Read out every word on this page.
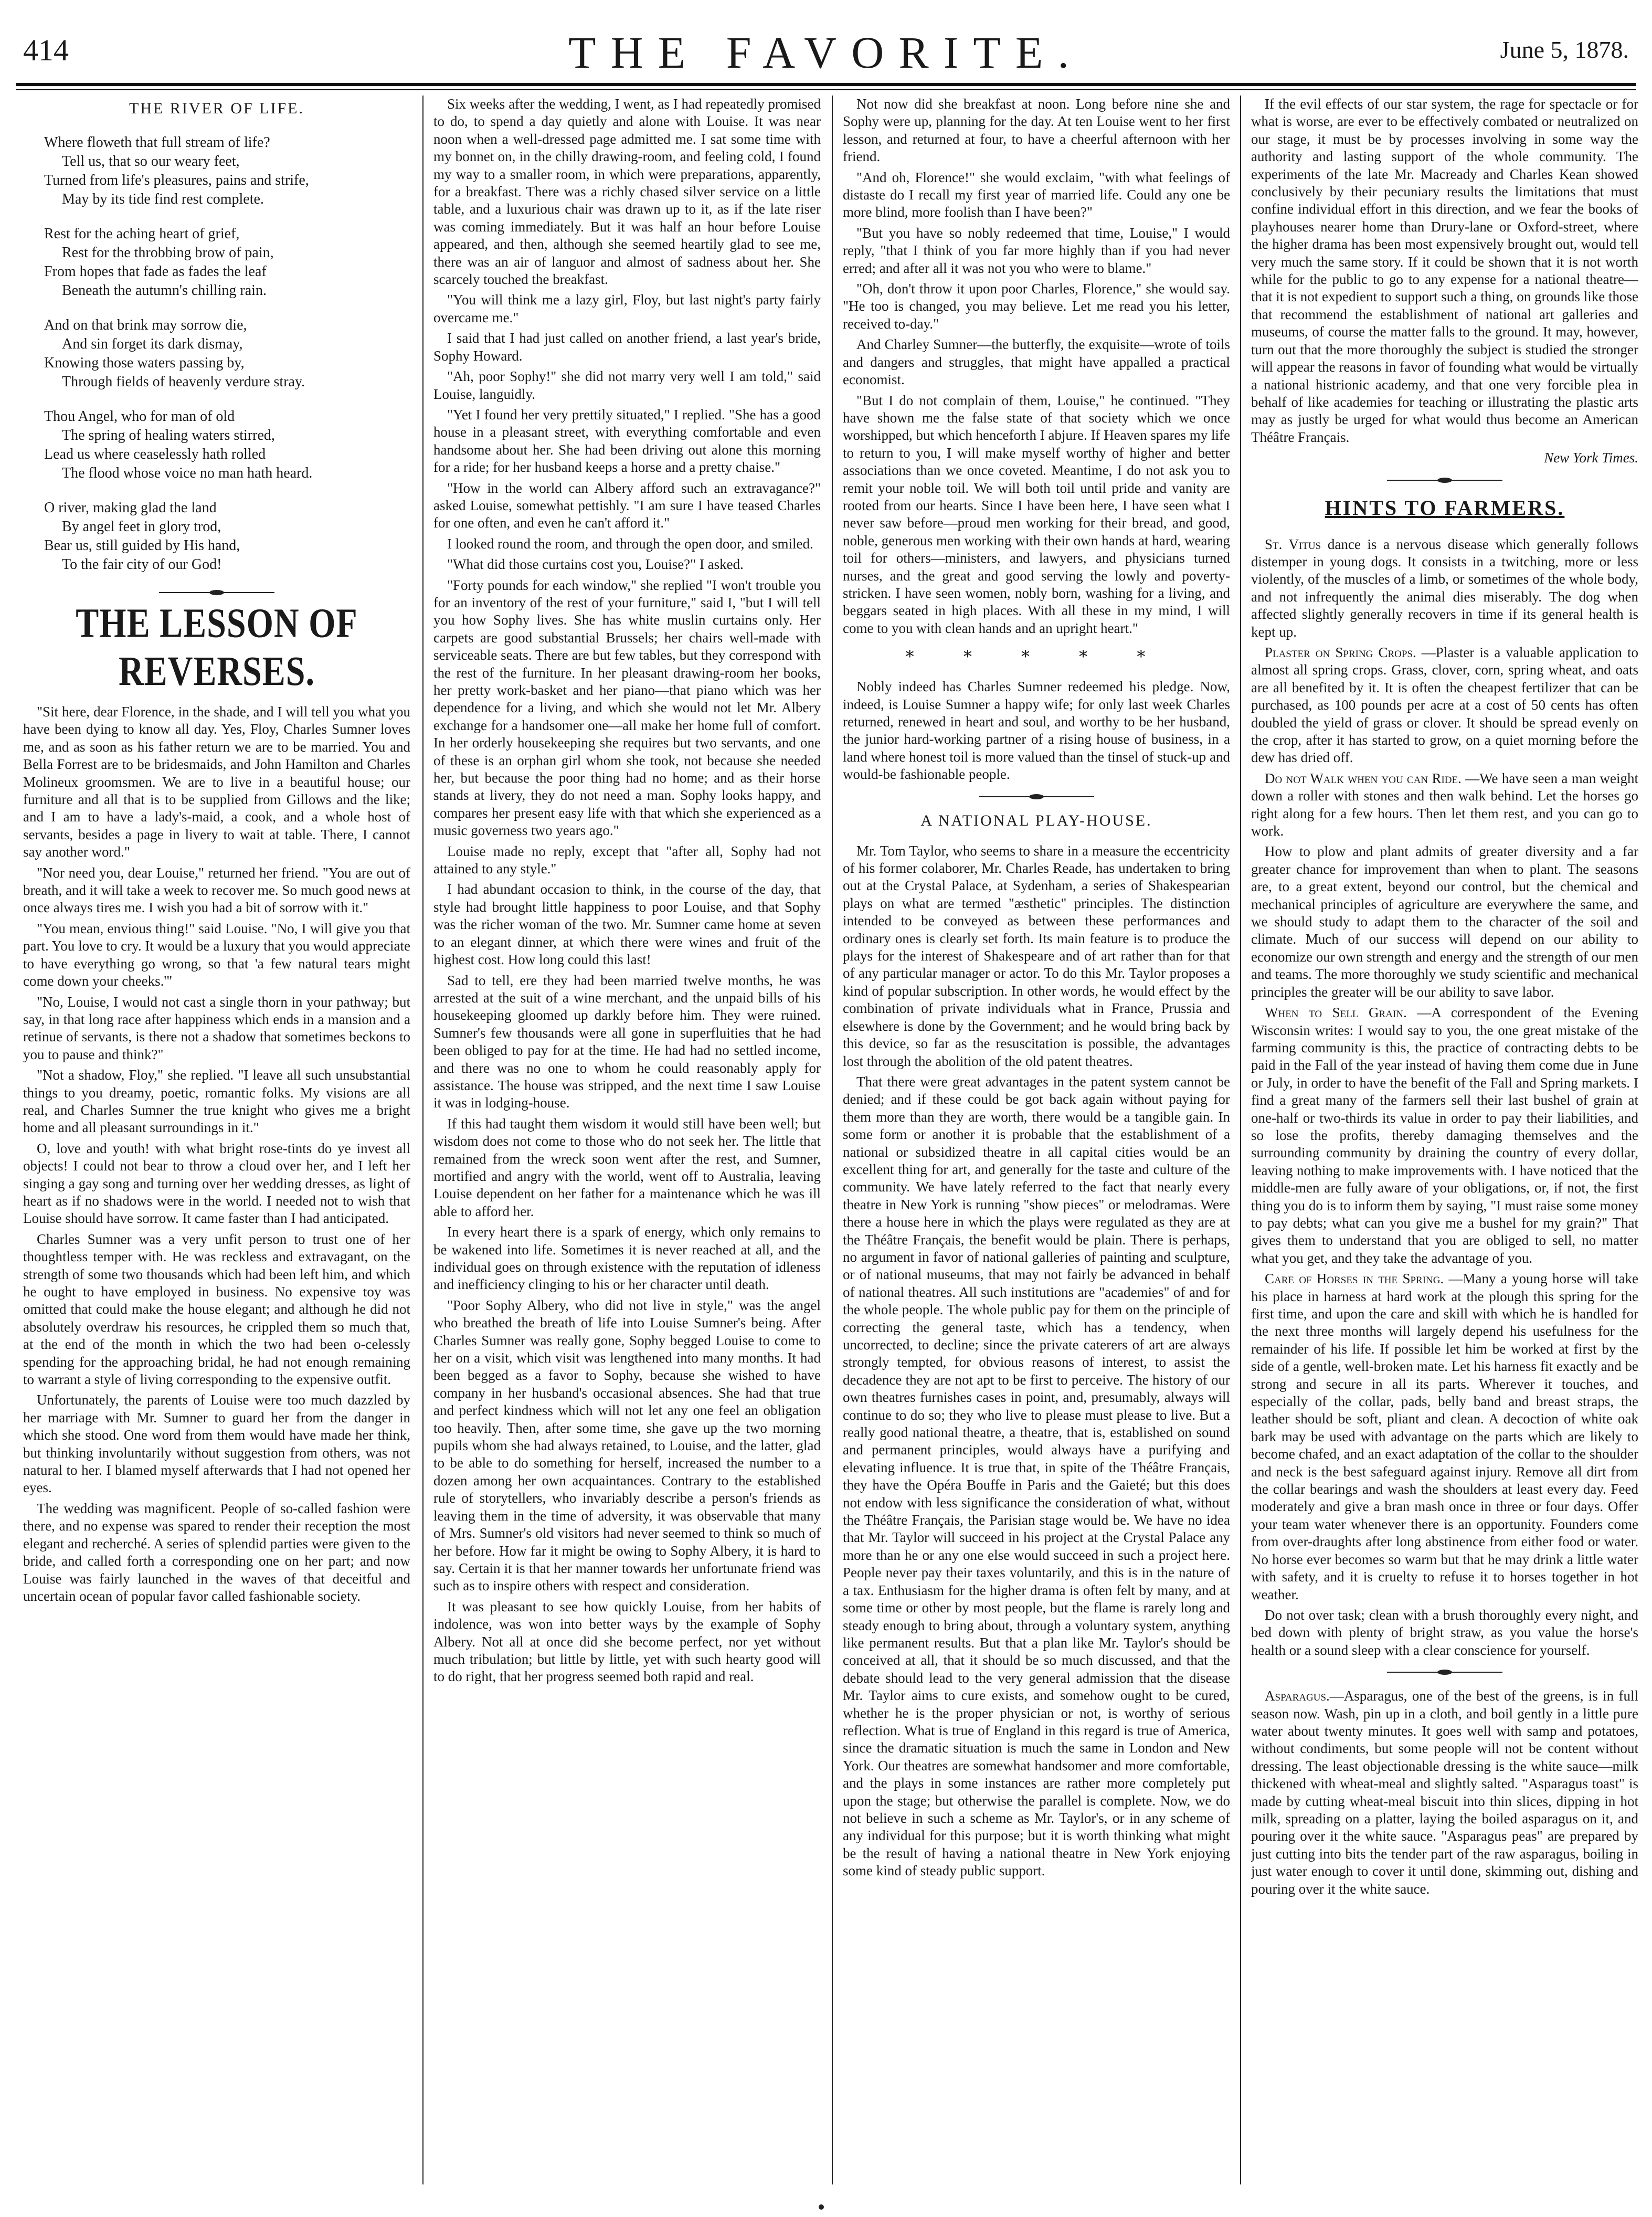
414	THE FAVORITE.	June 5, 1878.
THE RIVER OF LIFE.
Where floweth that full stream of life?
Tell us, that so our weary feet,
Turned from life's pleasures, pains and strife,
May by its tide find rest complete.
Rest for the aching heart of grief,
Rest for the throbbing brow of pain,
From hopes that fade as fades the leaf
Beneath the autumn's chilling rain.
And on that brink may sorrow die,
And sin forget its dark dismay,
Knowing those waters passing by,
Through fields of heavenly verdure stray.
Thou Angel, who for man of old
The spring of healing waters stirred,
Lead us where ceaselessly hath rolled
The flood whose voice no man hath heard.
O river, making glad the land
By angel feet in glory trod,
Bear us, still guided by His hand,
To the fair city of our God!
THE LESSON OF REVERSES.

"Sit here, dear Florence, in the shade, and I will tell you what you have been dying to know all day. Yes, Floy, Charles Sumner loves me, and as soon as his father return we are to be married. You and Bella Forrest are to be bridesmaids, and John Hamilton and Charles Molineux groomsmen. We are to live in a beautiful house; our furniture and all that is to be supplied from Gillows and the like; and I am to have a lady's-maid, a cook, and a whole host of servants, besides a page in livery to wait at table. There, I cannot say another word."

"Nor need you, dear Louise," returned her friend. "You are out of breath, and it will take a week to recover me. So much good news at once always tires me. I wish you had a bit of sorrow with it."

"You mean, envious thing!" said Louise. "No, I will give you that part. You love to cry. It would be a luxury that you would appreciate to have everything go wrong, so that 'a few natural tears might come down your cheeks.'"

"No, Louise, I would not cast a single thorn in your pathway; but say, in that long race after happiness which ends in a mansion and a retinue of servants, is there not a shadow that sometimes beckons to you to pause and think?"

"Not a shadow, Floy," she replied. "I leave all such unsubstantial things to you dreamy, poetic, romantic folks. My visions are all real, and Charles Sumner the true knight who gives me a bright home and all pleasant surroundings in it."

O, love and youth! with what bright rose-tints do ye invest all objects! I could not bear to throw a cloud over her, and I left her singing a gay song and turning over her wedding dresses, as light of heart as if no shadows were in the world. I needed not to wish that Louise should have sorrow. It came faster than I had anticipated.

Charles Sumner was a very unfit person to trust one of her thoughtless temper with. He was reckless and extravagant, on the strength of some two thousands which had been left him, and which he ought to have employed in business. No expensive toy was omitted that could make the house elegant; and although he did not absolutely overdraw his resources, he crippled them so much that, at the end of the month in which the two had been o-celessly spending for the approaching bridal, he had not enough remaining to warrant a style of living corresponding to the expensive outfit.

Unfortunately, the parents of Louise were too much dazzled by her marriage with Mr. Sumner to guard her from the danger in which she stood. One word from them would have made her think, but thinking involuntarily without suggestion from others, was not natural to her. I blamed myself afterwards that I had not opened her eyes.

The wedding was magnificent. People of so-called fashion were there, and no expense was spared to render their reception the most elegant and recherché. A series of splendid parties were given to the bride, and called forth a corresponding one on her part; and now Louise was fairly launched in the waves of that deceitful and uncertain ocean of popular favor called fashionable society.

Six weeks after the wedding, I went, as I had repeatedly promised to do, to spend a day quietly and alone with Louise. It was near noon when a well-dressed page admitted me. I sat some time with my bonnet on, in the chilly drawing-room, and feeling cold, I found my way to a smaller room, in which were preparations, apparently, for a breakfast. There was a richly chased silver service on a little table, and a luxurious chair was drawn up to it, as if the late riser was coming immediately. But it was half an hour before Louise appeared, and then, although she seemed heartily glad to see me, there was an air of languor and almost of sadness about her. She scarcely touched the breakfast.

"You will think me a lazy girl, Floy, but last night's party fairly overcame me."

I said that I had just called on another friend, a last year's bride, Sophy Howard.

"Ah, poor Sophy!" she did not marry very well I am told," said Louise, languidly.

"Yet I found her very prettily situated," I replied. "She has a good house in a pleasant street, with everything comfortable and even handsome about her. She had been driving out alone this morning for a ride; for her husband keeps a horse and a pretty chaise."

"How in the world can Albery afford such an extravagance?" asked Louise, somewhat pettishly. "I am sure I have teased Charles for one often, and even he can't afford it."

I looked round the room, and through the open door, and smiled.

"What did those curtains cost you, Louise?" I asked.

"Forty pounds for each window," she replied "I won't trouble you for an inventory of the rest of your furniture," said I, "but I will tell you how Sophy lives. She has white muslin curtains only. Her carpets are good substantial Brussels; her chairs well-made with serviceable seats. There are but few tables, but they correspond with the rest of the furniture. In her pleasant drawing-room her books, her pretty work-basket and her piano—that piano which was her dependence for a living, and which she would not let Mr. Albery exchange for a handsomer one—all make her home full of comfort. In her orderly housekeeping she requires but two servants, and one of these is an orphan girl whom she took, not because she needed her, but because the poor thing had no home; and as their horse stands at livery, they do not need a man. Sophy looks happy, and compares her present easy life with that which she experienced as a music governess two years ago."

Louise made no reply, except that "after all, Sophy had not attained to any style."

I had abundant occasion to think, in the course of the day, that style had brought little happiness to poor Louise, and that Sophy was the richer woman of the two. Mr. Sumner came home at seven to an elegant dinner, at which there were wines and fruit of the highest cost. How long could this last!

Sad to tell, ere they had been married twelve months, he was arrested at the suit of a wine merchant, and the unpaid bills of his housekeeping gloomed up darkly before him. They were ruined. Sumner's few thousands were all gone in superfluities that he had been obliged to pay for at the time. He had had no settled income, and there was no one to whom he could reasonably apply for assistance. The house was stripped, and the next time I saw Louise it was in lodging-house.

If this had taught them wisdom it would still have been well; but wisdom does not come to those who do not seek her. The little that remained from the wreck soon went after the rest, and Sumner, mortified and angry with the world, went off to Australia, leaving Louise dependent on her father for a maintenance which he was ill able to afford her.

In every heart there is a spark of energy, which only remains to be wakened into life. Sometimes it is never reached at all, and the individual goes on through existence with the reputation of idleness and inefficiency clinging to his or her character until death.

"Poor Sophy Albery, who did not live in style," was the angel who breathed the breath of life into Louise Sumner's being. After Charles Sumner was really gone, Sophy begged Louise to come to her on a visit, which visit was lengthened into many months. It had been begged as a favor to Sophy, because she wished to have company in her husband's occasional absences. She had that true and perfect kindness which will not let any one feel an obligation too heavily. Then, after some time, she gave up the two morning pupils whom she had always retained, to Louise, and the latter, glad to be able to do something for herself, increased the number to a dozen among her own acquaintances. Contrary to the established rule of storytellers, who invariably describe a person's friends as leaving them in the time of adversity, it was observable that many of Mrs. Sumner's old visitors had never seemed to think so much of her before. How far it might be owing to Sophy Albery, it is hard to say. Certain it is that her manner towards her unfortunate friend was such as to inspire others with respect and consideration.

It was pleasant to see how quickly Louise, from her habits of indolence, was won into better ways by the example of Sophy Albery. Not all at once did she become perfect, nor yet without much tribulation; but little by little, yet with such hearty good will to do right, that her progress seemed both rapid and real.

Not now did she breakfast at noon. Long before nine she and Sophy were up, planning for the day. At ten Louise went to her first lesson, and returned at four, to have a cheerful afternoon with her friend.

"And oh, Florence!" she would exclaim, "with what feelings of distaste do I recall my first year of married life. Could any one be more blind, more foolish than I have been?"

"But you have so nobly redeemed that time, Louise," I would reply, "that I think of you far more highly than if you had never erred; and after all it was not you who were to blame."

"Oh, don't throw it upon poor Charles, Florence," she would say. "He too is changed, you may believe. Let me read you his letter, received to-day."

And Charley Sumner—the butterfly, the exquisite—wrote of toils and dangers and struggles, that might have appalled a practical economist.

"But I do not complain of them, Louise," he continued. "They have shown me the false state of that society which we once worshipped, but which henceforth I abjure. If Heaven spares my life to return to you, I will make myself worthy of higher and better associations than we once coveted. Meantime, I do not ask you to remit your noble toil. We will both toil until pride and vanity are rooted from our hearts. Since I have been here, I have seen what I never saw before—proud men working for their bread, and good, noble, generous men working with their own hands at hard, wearing toil for others—ministers, and lawyers, and physicians turned nurses, and the great and good serving the lowly and poverty-stricken. I have seen women, nobly born, washing for a living, and beggars seated in high places. With all these in my mind, I will come to you with clean hands and an upright heart."

* * * * *

Nobly indeed has Charles Sumner redeemed his pledge. Now, indeed, is Louise Sumner a happy wife; for only last week Charles returned, renewed in heart and soul, and worthy to be her husband, the junior hard-working partner of a rising house of business, in a land where honest toil is more valued than the tinsel of stuck-up and would-be fashionable people.

A NATIONAL PLAY-HOUSE.

Mr. Tom Taylor, who seems to share in a measure the eccentricity of his former colaborer, Mr. Charles Reade, has undertaken to bring out at the Crystal Palace, at Sydenham, a series of Shakespearian plays on what are termed "æsthetic" principles. The distinction intended to be conveyed as between these performances and ordinary ones is clearly set forth. Its main feature is to produce the plays for the interest of Shakespeare and of art rather than for that of any particular manager or actor. To do this Mr. Taylor proposes a kind of popular subscription. In other words, he would effect by the combination of private individuals what in France, Prussia and elsewhere is done by the Government; and he would bring back by this device, so far as the resuscitation is possible, the advantages lost through the abolition of the old patent theatres.

That there were great advantages in the patent system cannot be denied; and if these could be got back again without paying for them more than they are worth, there would be a tangible gain. In some form or another it is probable that the establishment of a national or subsidized theatre in all capital cities would be an excellent thing for art, and generally for the taste and culture of the community. We have lately referred to the fact that nearly every theatre in New York is running "show pieces" or melodramas. Were there a house here in which the plays were regulated as they are at the Théâtre Français, the benefit would be plain. There is perhaps, no argument in favor of national galleries of painting and sculpture, or of national museums, that may not fairly be advanced in behalf of national theatres. All such institutions are "academies" of and for the whole people. The whole public pay for them on the principle of correcting the general taste, which has a tendency, when uncorrected, to decline; since the private caterers of art are always strongly tempted, for obvious reasons of interest, to assist the decadence they are not apt to be first to perceive. The history of our own theatres furnishes cases in point, and, presumably, always will continue to do so; they who live to please must please to live. But a really good national theatre, a theatre, that is, established on sound and permanent principles, would always have a purifying and elevating influence. It is true that, in spite of the Théâtre Français, they have the Opéra Bouffe in Paris and the Gaieté; but this does not endow with less significance the consideration of what, without the Théâtre Français, the Parisian stage would be. We have no idea that Mr. Taylor will succeed in his project at the Crystal Palace any more than he or any one else would succeed in such a project here. People never pay their taxes voluntarily, and this is in the nature of a tax. Enthusiasm for the higher drama is often felt by many, and at some time or other by most people, but the flame is rarely long and steady enough to bring about, through a voluntary system, anything like permanent results. But that a plan like Mr. Taylor's should be conceived at all, that it should be so much discussed, and that the debate should lead to the very general admission that the disease Mr. Taylor aims to cure exists, and somehow ought to be cured, whether he is the proper physician or not, is worthy of serious reflection. What is true of England in this regard is true of America, since the dramatic situation is much the same in London and New York. Our theatres are somewhat handsomer and more comfortable, and the plays in some instances are rather more completely put upon the stage; but otherwise the parallel is complete. Now, we do not believe in such a scheme as Mr. Taylor's, or in any scheme of any individual for this purpose; but it is worth thinking what might be the result of having a national theatre in New York enjoying some kind of steady public support.

If the evil effects of our star system, the rage for spectacle or for what is worse, are ever to be effectively combated or neutralized on our stage, it must be by processes involving in some way the authority and lasting support of the whole community. The experiments of the late Mr. Macready and Charles Kean showed conclusively by their pecuniary results the limitations that must confine individual effort in this direction, and we fear the books of playhouses nearer home than Drury-lane or Oxford-street, where the higher drama has been most expensively brought out, would tell very much the same story. If it could be shown that it is not worth while for the public to go to any expense for a national theatre—that it is not expedient to support such a thing, on grounds like those that recommend the establishment of national art galleries and museums, of course the matter falls to the ground. It may, however, turn out that the more thoroughly the subject is studied the stronger will appear the reasons in favor of founding what would be virtually a national histrionic academy, and that one very forcible plea in behalf of like academies for teaching or illustrating the plastic arts may as justly be urged for what would thus become an American Théâtre Français.

New York Times.

HINTS TO FARMERS.

St. Vitus dance is a nervous disease which generally follows distemper in young dogs. It consists in a twitching, more or less violently, of the muscles of a limb, or sometimes of the whole body, and not infrequently the animal dies miserably. The dog when affected slightly generally recovers in time if its general health is kept up.

Plaster on Spring Crops. —Plaster is a valuable application to almost all spring crops. Grass, clover, corn, spring wheat, and oats are all benefited by it. It is often the cheapest fertilizer that can be purchased, as 100 pounds per acre at a cost of 50 cents has often doubled the yield of grass or clover. It should be spread evenly on the crop, after it has started to grow, on a quiet morning before the dew has dried off.

Do not Walk when you can Ride. —We have seen a man weight down a roller with stones and then walk behind. Let the horses go right along for a few hours. Then let them rest, and you can go to work.

How to plow and plant admits of greater diversity and a far greater chance for improvement than when to plant. The seasons are, to a great extent, beyond our control, but the chemical and mechanical principles of agriculture are everywhere the same, and we should study to adapt them to the character of the soil and climate. Much of our success will depend on our ability to economize our own strength and energy and the strength of our men and teams. The more thoroughly we study scientific and mechanical principles the greater will be our ability to save labor.

When to Sell Grain. —A correspondent of the Evening Wisconsin writes: I would say to you, the one great mistake of the farming community is this, the practice of contracting debts to be paid in the Fall of the year instead of having them come due in June or July, in order to have the benefit of the Fall and Spring markets. I find a great many of the farmers sell their last bushel of grain at one-half or two-thirds its value in order to pay their liabilities, and so lose the profits, thereby damaging themselves and the surrounding community by draining the country of every dollar, leaving nothing to make improvements with. I have noticed that the middle-men are fully aware of your obligations, or, if not, the first thing you do is to inform them by saying, "I must raise some money to pay debts; what can you give me a bushel for my grain?" That gives them to understand that you are obliged to sell, no matter what you get, and they take the advantage of you.

Care of Horses in the Spring. —Many a young horse will take his place in harness at hard work at the plough this spring for the first time, and upon the care and skill with which he is handled for the next three months will largely depend his usefulness for the remainder of his life. If possible let him be worked at first by the side of a gentle, well-broken mate. Let his harness fit exactly and be strong and secure in all its parts. Wherever it touches, and especially of the collar, pads, belly band and breast straps, the leather should be soft, pliant and clean. A decoction of white oak bark may be used with advantage on the parts which are likely to become chafed, and an exact adaptation of the collar to the shoulder and neck is the best safeguard against injury. Remove all dirt from the collar bearings and wash the shoulders at least every day. Feed moderately and give a bran mash once in three or four days. Offer your team water whenever there is an opportunity. Founders come from over-draughts after long abstinence from either food or water. No horse ever becomes so warm but that he may drink a little water with safety, and it is cruelty to refuse it to horses together in hot weather.

Do not over task; clean with a brush thoroughly every night, and bed down with plenty of bright straw, as you value the horse's health or a sound sleep with a clear conscience for yourself.

Asparagus.—Asparagus, one of the best of the greens, is in full season now. Wash, pin up in a cloth, and boil gently in a little pure water about twenty minutes. It goes well with samp and potatoes, without condiments, but some people will not be content without dressing. The least objectionable dressing is the white sauce—milk thickened with wheat-meal and slightly salted. "Asparagus toast" is made by cutting wheat-meal biscuit into thin slices, dipping in hot milk, spreading on a platter, laying the boiled asparagus on it, and pouring over it the white sauce. "Asparagus peas" are prepared by just cutting into bits the tender part of the raw asparagus, boiling in just water enough to cover it until done, skimming out, dishing and pouring over it the white sauce.
